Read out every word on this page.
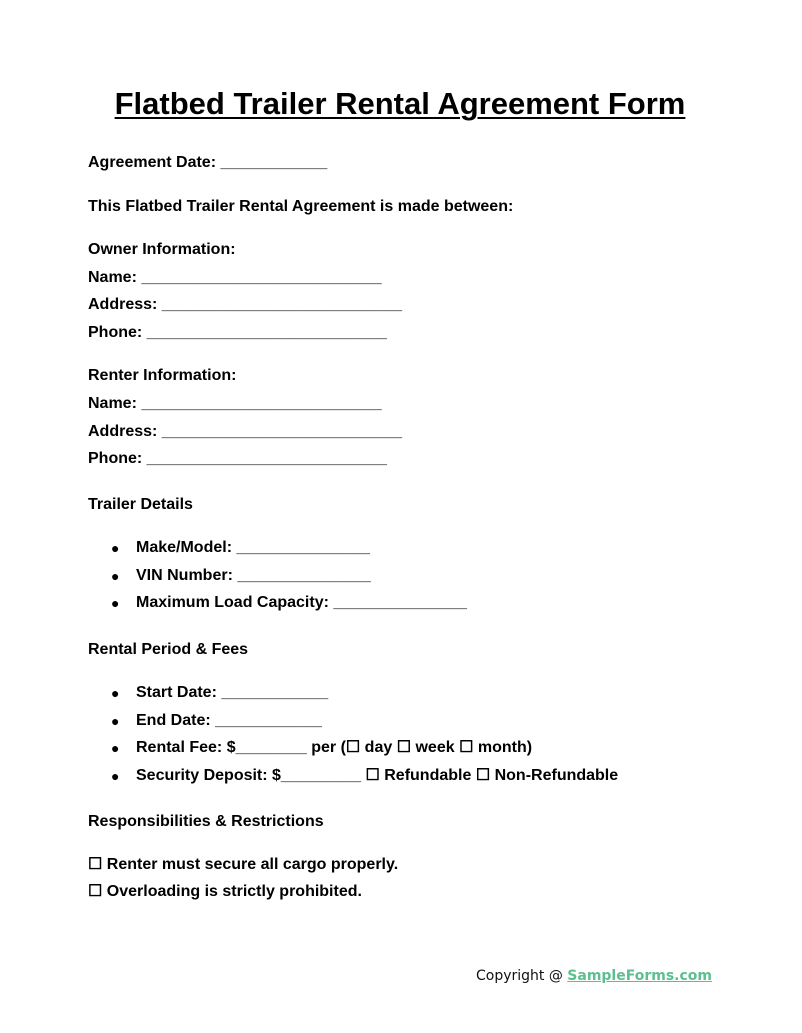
Flatbed Trailer Rental Agreement Form
Agreement Date: ____________
This Flatbed Trailer Rental Agreement is made between:
Owner Information:
Name: ___________________________
Address: ___________________________
Phone: ___________________________
Renter Information:
Name: ___________________________
Address: ___________________________
Phone: ___________________________
Trailer Details
● Make/Model: _______________
● VIN Number: _______________
● Maximum Load Capacity: _______________
Rental Period & Fees
● Start Date: ____________
● End Date: ____________
● Rental Fee: $________ per (☐ day ☐ week ☐ month)
● Security Deposit: $_________ ☐ Refundable ☐ Non-Refundable
Responsibilities & Restrictions
☐ Renter must secure all cargo properly.
☐ Overloading is strictly prohibited.
Copyright @ SampleForms.com
